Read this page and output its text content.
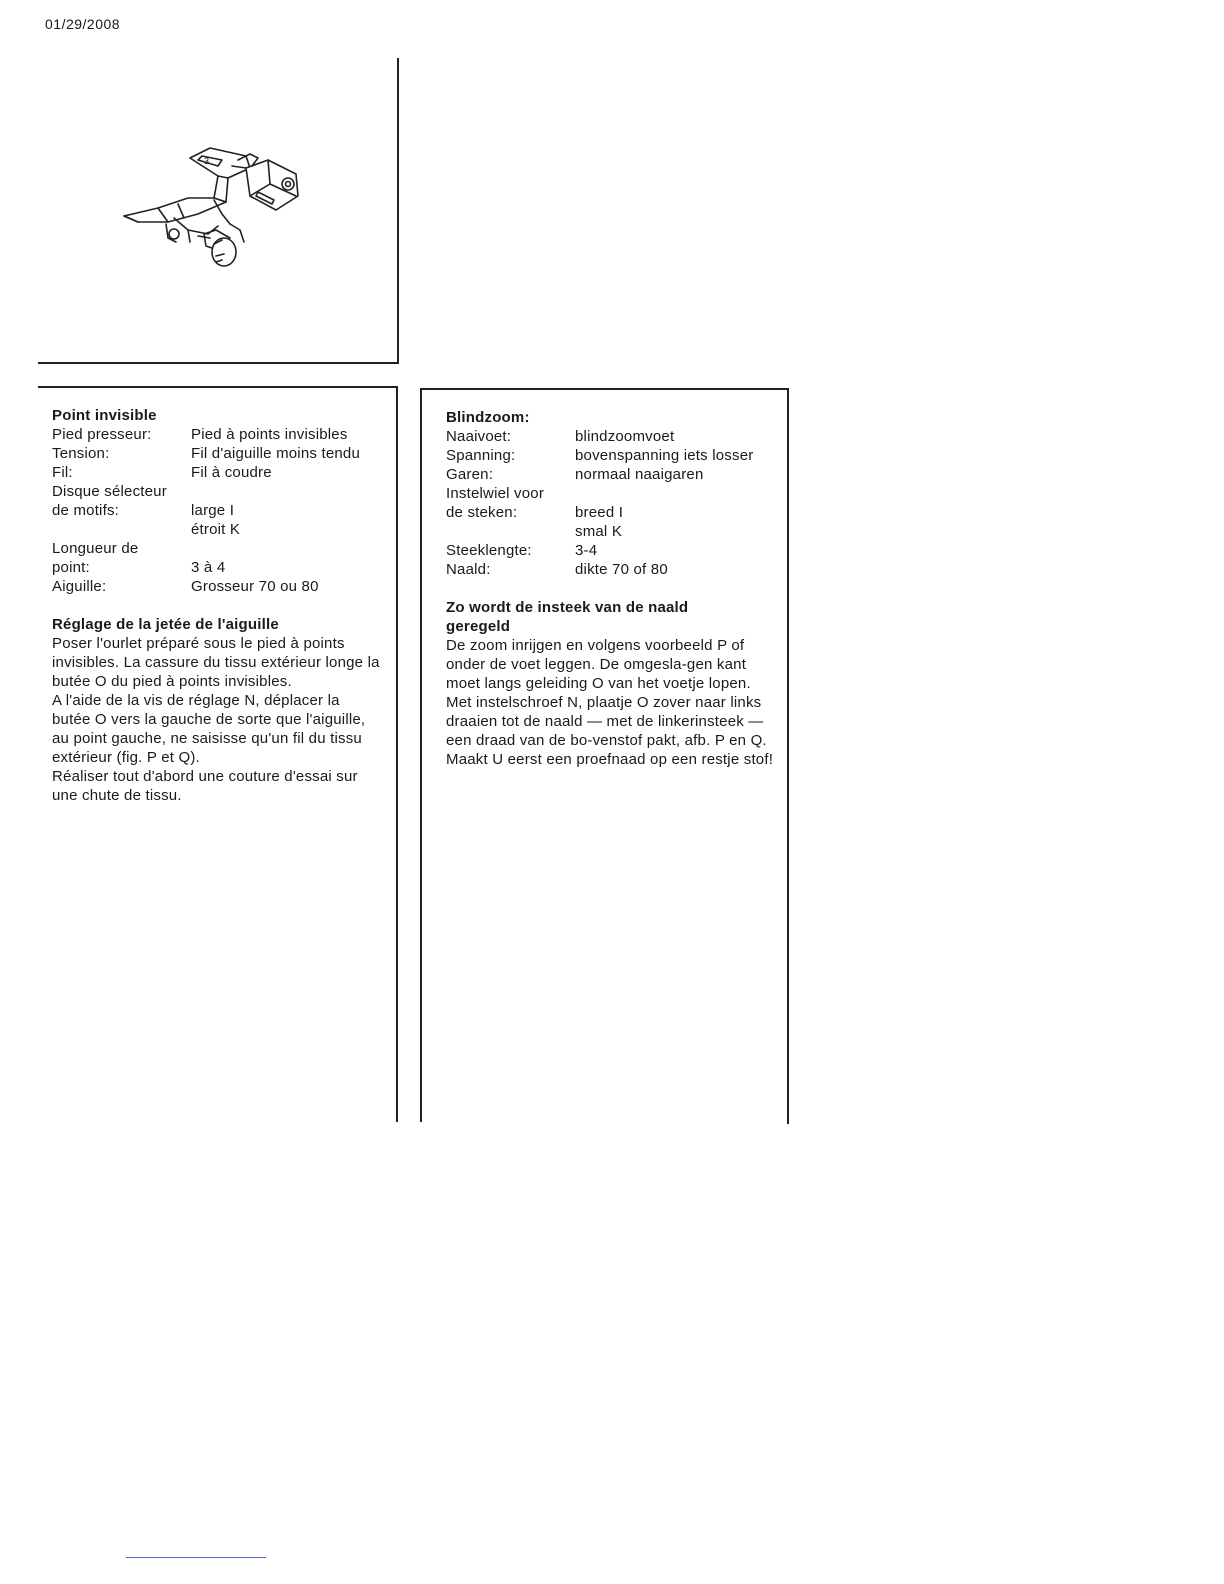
01/29/2008
3
Point invisible
Pied presseur:	Pied à points invisibles
Tension:	Fil d'aiguille moins tendu
Fil:	Fil à coudre
Disque sélecteur de motifs:	large I
étroit K
Longueur de point:	3 à 4
Aiguille:	Grosseur 70 ou 80
Réglage de la jetée de l'aiguille

Poser l'ourlet préparé sous le pied à points invisibles. La cassure du tissu extérieur longe la butée O du pied à points invisibles.

A l'aide de la vis de réglage N, déplacer la butée O vers la gauche de sorte que l'aiguille, au point gauche, ne saisisse qu'un fil du tissu extérieur (fig. P et Q).

Réaliser tout d'abord une couture d'essai sur une chute de tissu.

Blindzoom:
Naaivoet:	blindzoomvoet
Spanning:	bovenspanning iets losser
Garen:	normaal naaigaren
Instelwiel voor de steken:	breed I
smal K
Steeklengte:	3-4
Naald:	dikte 70 of 80
Zo wordt de insteek van de naald geregeld

De zoom inrijgen en volgens voorbeeld P of onder de voet leggen. De omgesla-gen kant moet langs geleiding O van het voetje lopen.

Met instelschroef N, plaatje O zover naar links draaien tot de naald — met de linkerinsteek — een draad van de bo-venstof pakt, afb. P en Q.

Maakt U eerst een proefnaad op een restje stof!
